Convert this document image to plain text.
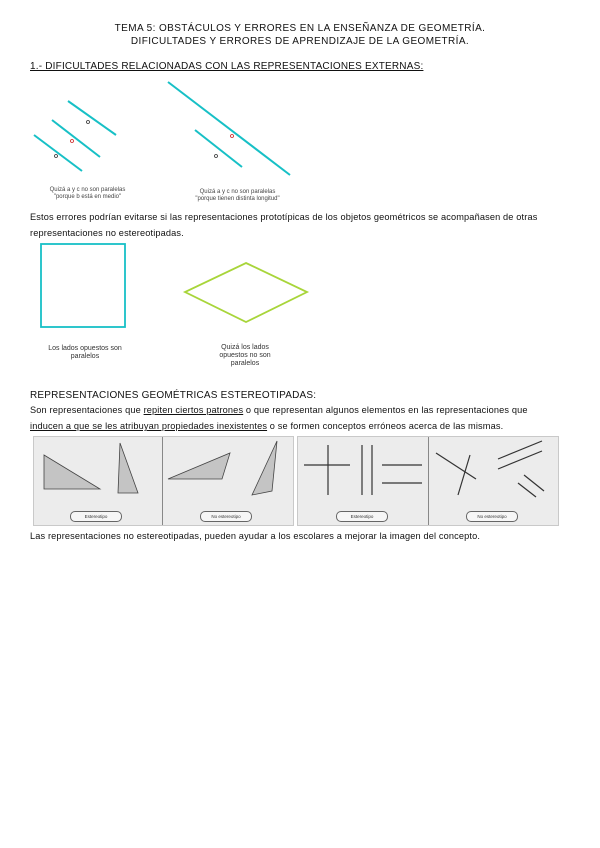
TEMA 5: OBSTÁCULOS Y ERRORES EN LA ENSEÑANZA DE GEOMETRÍA.
DIFICULTADES Y ERRORES DE APRENDIZAJE DE LA GEOMETRÍA.
1.- DIFICULTADES RELACIONADAS CON LAS REPRESENTACIONES EXTERNAS:
Quizá a y c no son paralelas
"porque b está en medio"
Quizá a y c no son paralelas
"porque tienen distinta longitud"
Estos errores podrían evitarse si las representaciones prototípicas de los objetos geométricos se acompañasen de otras
representaciones no estereotipadas.
Los lados opuestos son
paralelos
Quizá los lados
opuestos no son
paralelos
REPRESENTACIONES GEOMÉTRICAS ESTEREOTIPADAS:
Son representaciones que repiten ciertos patrones o que representan algunos elementos en las representaciones que
inducen a que se les atribuyan propiedades inexistentes o se formen conceptos erróneos acerca de las mismas.
Estereotipo	No estereotipo	Estereotipo	No estereotipo
Las representaciones no estereotipadas, pueden ayudar a los escolares a mejorar la imagen del concepto.
